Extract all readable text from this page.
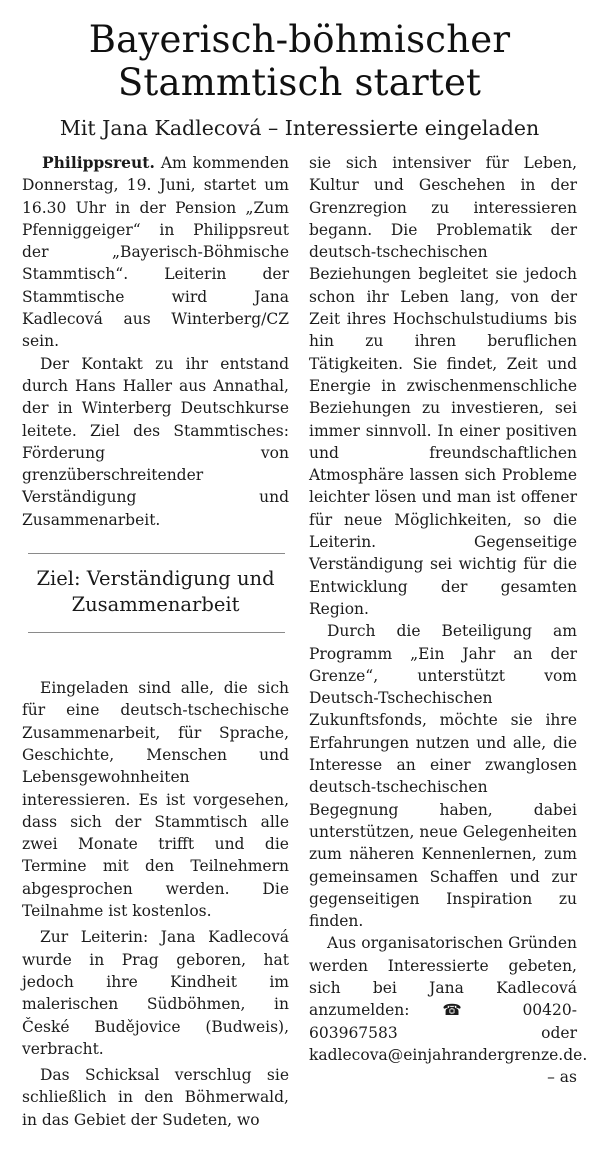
Bayerisch-böhmischer
Stammtisch startet
Mit Jana Kadlecová – Interessierte eingeladen

Philippsreut. Am kommenden Donnerstag, 19. Juni, startet um 16.30 Uhr in der Pension „Zum Pfenniggeiger“ in Philippsreut der „Bayerisch-Böhmische Stammtisch“. Leiterin der Stammtische wird Jana Kadlecová aus Winterberg/CZ sein.

Der Kontakt zu ihr entstand durch Hans Haller aus Annathal, der in Winterberg Deutschkurse leitete. Ziel des Stammtisches: Förderung von grenzüberschreitender Verständigung und Zusammenarbeit.

Ziel: Verständigung und Zusammenarbeit

Eingeladen sind alle, die sich für eine deutsch-tschechische Zusammenarbeit, für Sprache, Geschichte, Menschen und Lebensgewohnheiten interessieren. Es ist vorgesehen, dass sich der Stammtisch alle zwei Monate trifft und die Termine mit den Teilnehmern abgesprochen werden. Die Teilnahme ist kostenlos.

Zur Leiterin: Jana Kadlecová wurde in Prag geboren, hat jedoch ihre Kindheit im malerischen Südböhmen, in České Budějovice (Budweis), verbracht.

Das Schicksal verschlug sie schließlich in den Böhmerwald, in das Gebiet der Sudeten, wo

sie sich intensiver für Leben, Kultur und Geschehen in der Grenzregion zu interessieren begann. Die Problematik der deutsch-tschechischen Beziehungen begleitet sie jedoch schon ihr Leben lang, von der Zeit ihres Hochschulstudiums bis hin zu ihren beruflichen Tätigkeiten. Sie findet, Zeit und Energie in zwischenmenschliche Beziehungen zu investieren, sei immer sinnvoll. In einer positiven und freundschaftlichen Atmosphäre lassen sich Probleme leichter lösen und man ist offener für neue Möglichkeiten, so die Leiterin. Gegenseitige Verständigung sei wichtig für die Entwicklung der gesamten Region.

Durch die Beteiligung am Programm „Ein Jahr an der Grenze“, unterstützt vom Deutsch-Tschechischen Zukunftsfonds, möchte sie ihre Erfahrungen nutzen und alle, die Interesse an einer zwanglosen deutsch-tschechischen Begegnung haben, dabei unterstützen, neue Gelegenheiten zum näheren Kennenlernen, zum gemeinsamen Schaffen und zur gegenseitigen Inspiration zu finden.

Aus organisatorischen Gründen werden Interessierte gebeten, sich bei Jana Kadlecová anzumelden: ☎ 00420-603967583 oder kadlecova@einjahrandergrenze.de.

– as
